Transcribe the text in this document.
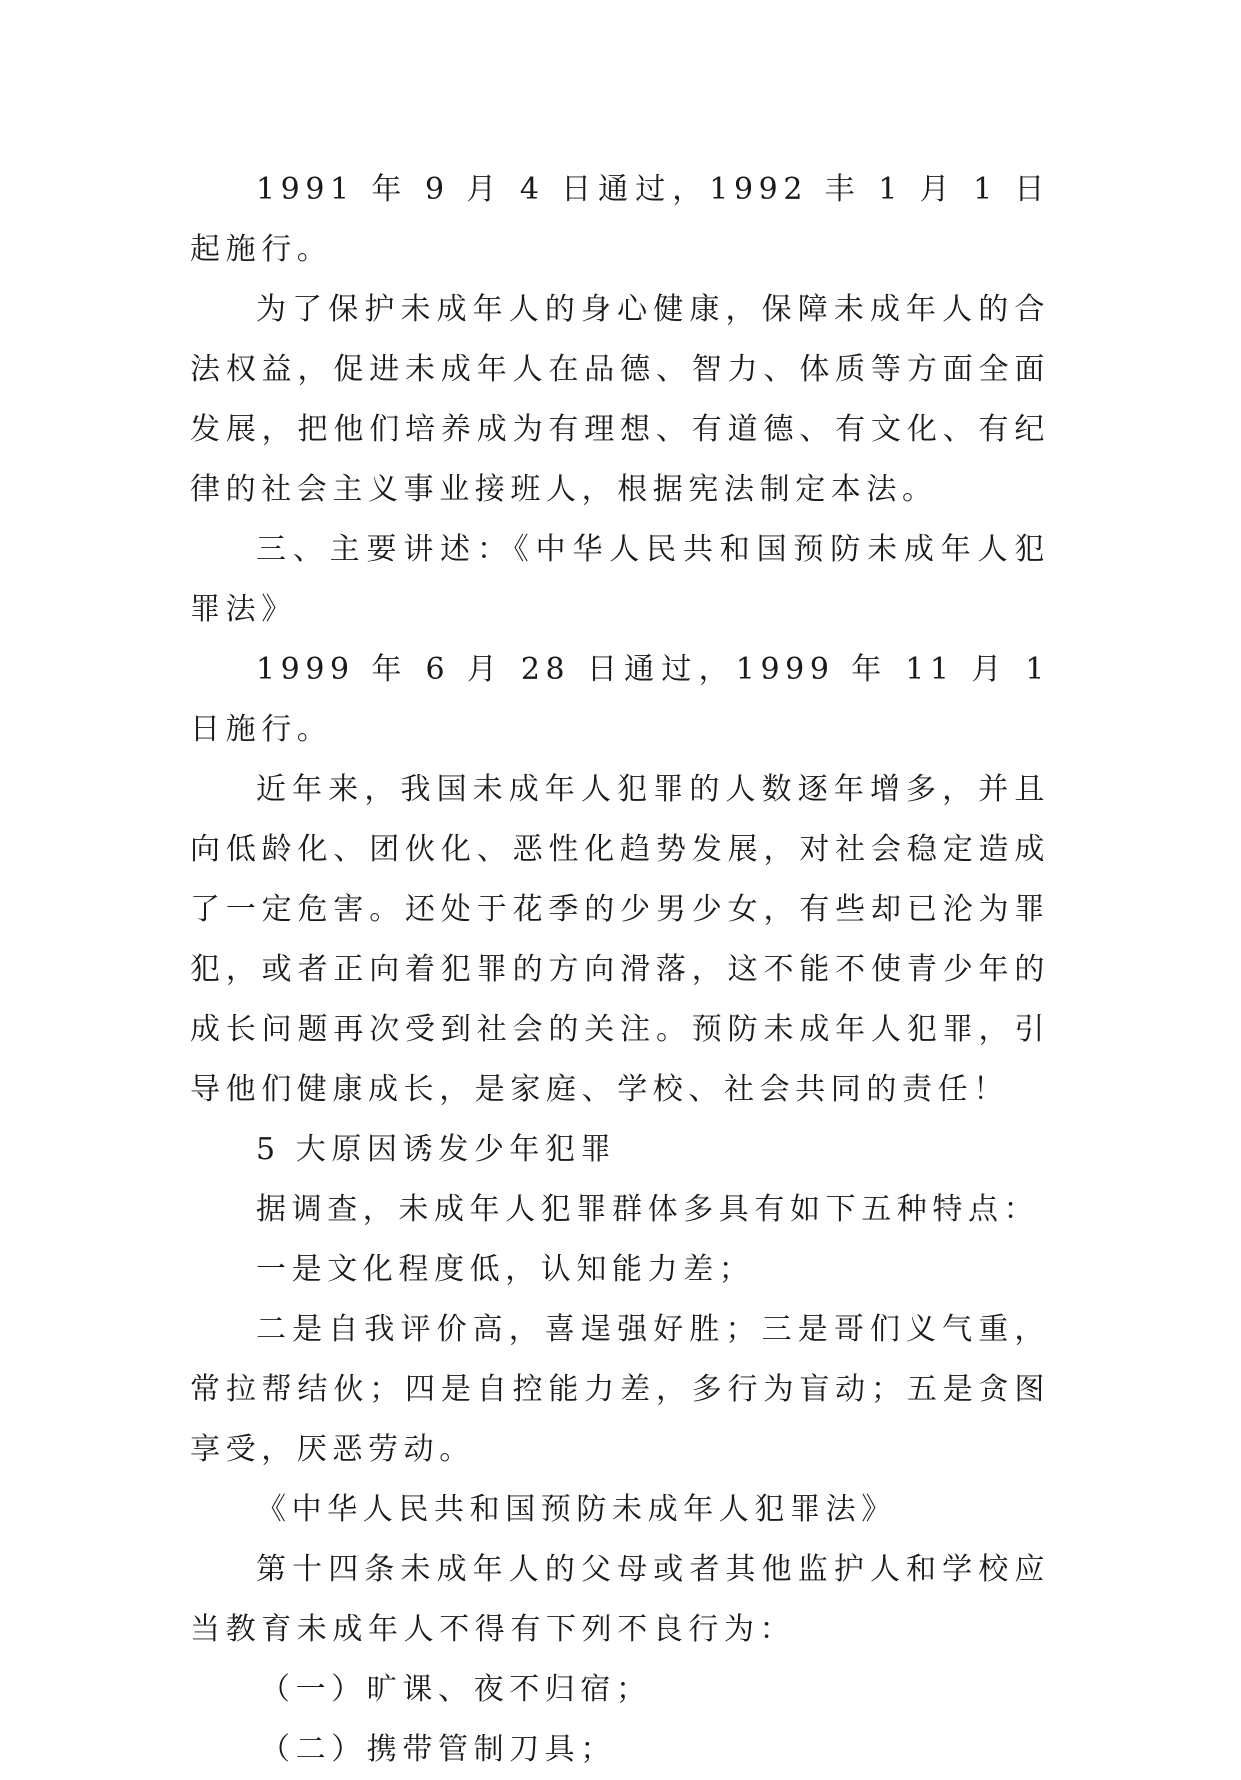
1991 年 9 月 4 日通过，1992 丰 1 月 1 日起施行。

为了保护未成年人的身心健康，保障未成年人的合法权益，促进未成年人在品德、智力、体质等方面全面发展，把他们培养成为有理想、有道德、有文化、有纪律的社会主义事业接班人，根据宪法制定本法。

三、主要讲述：《中华人民共和国预防未成年人犯罪法》

1999 年 6 月 28 日通过，1999 年 11 月 1 日施行。

近年来，我国未成年人犯罪的人数逐年增多，并且向低龄化、团伙化、恶性化趋势发展，对社会稳定造成了一定危害。还处于花季的少男少女，有些却已沦为罪犯，或者正向着犯罪的方向滑落，这不能不使青少年的成长问题再次受到社会的关注。预防未成年人犯罪，引导他们健康成长，是家庭、学校、社会共同的责任！

5 大原因诱发少年犯罪

据调查，未成年人犯罪群体多具有如下五种特点：

一是文化程度低，认知能力差；

二是自我评价高，喜逞强好胜；三是哥们义气重，常拉帮结伙；四是自控能力差，多行为盲动；五是贪图享受，厌恶劳动。

《中华人民共和国预防未成年人犯罪法》

第十四条未成年人的父母或者其他监护人和学校应当教育未成年人不得有下列不良行为：

（一）旷课、夜不归宿；

（二）携带管制刀具；
